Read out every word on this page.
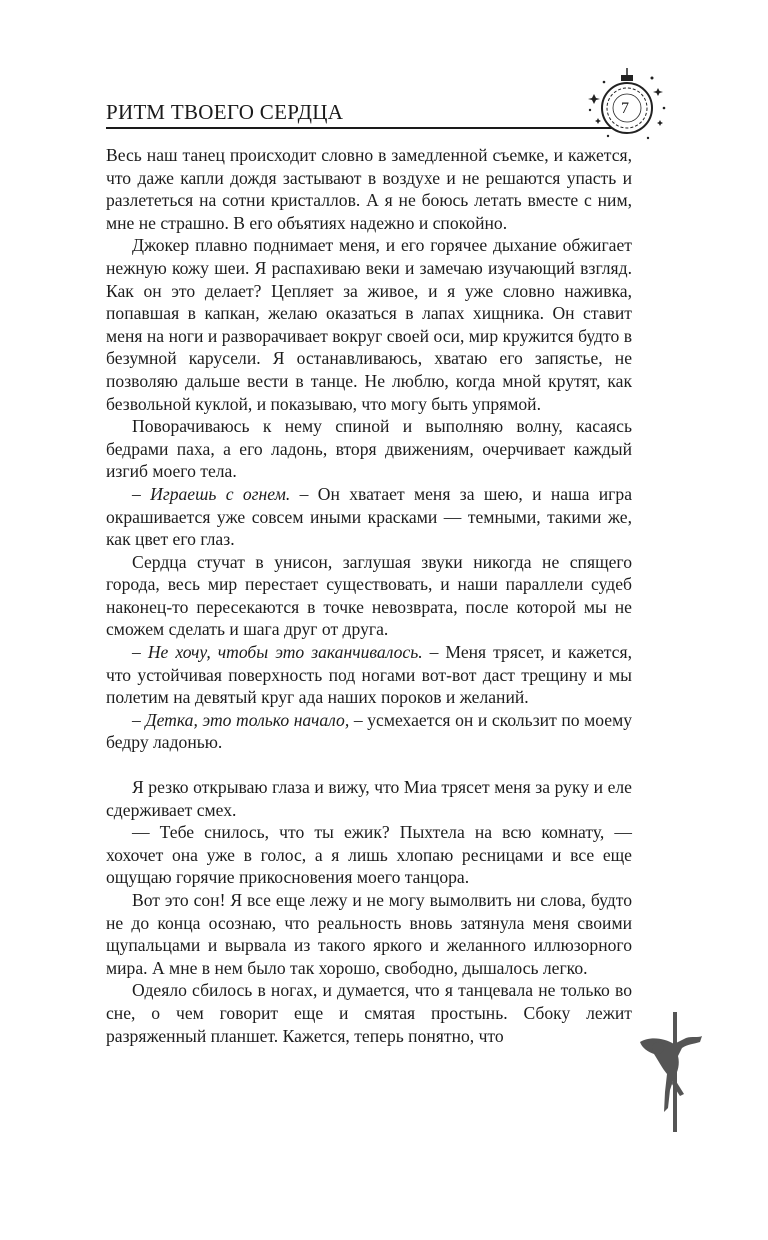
РИТМ ТВОЕГО СЕРДЦА	7

Весь наш танец происходит словно в замедленной съемке, и кажется, что даже капли дождя застывают в воздухе и не решаются упасть и разлететься на сотни кристаллов. А я не боюсь летать вместе с ним, мне не страшно. В его объятиях надежно и спокойно.

Джокер плавно поднимает меня, и его горячее дыхание обжигает нежную кожу шеи. Я распахиваю веки и замечаю изучающий взгляд. Как он это делает? Цепляет за живое, и я уже словно наживка, попавшая в капкан, желаю оказаться в лапах хищника. Он ставит меня на ноги и разворачивает вокруг своей оси, мир кружится будто в безумной карусели. Я останавливаюсь, хватаю его запястье, не позволяю дальше вести в танце. Не люблю, когда мной крутят, как безвольной куклой, и показываю, что могу быть упрямой.

Поворачиваюсь к нему спиной и выполняю волну, касаясь бедрами паха, а его ладонь, вторя движениям, очерчивает каждый изгиб моего тела.

– Играешь с огнем. – Он хватает меня за шею, и наша игра окрашивается уже совсем иными красками — темными, такими же, как цвет его глаз.

Сердца стучат в унисон, заглушая звуки никогда не спящего города, весь мир перестает существовать, и наши параллели судеб наконец-то пересекаются в точке невозврата, после которой мы не сможем сделать и шага друг от друга.

– Не хочу, чтобы это заканчивалось. – Меня трясет, и кажется, что устойчивая поверхность под ногами вот-вот даст трещину и мы полетим на девятый круг ада наших пороков и желаний.

– Детка, это только начало, – усмехается он и скользит по моему бедру ладонью.

Я резко открываю глаза и вижу, что Миа трясет меня за руку и еле сдерживает смех.

— Тебе снилось, что ты ежик? Пыхтела на всю комнату, — хохочет она уже в голос, а я лишь хлопаю ресницами и все еще ощущаю горячие прикосновения моего танцора.

Вот это сон! Я все еще лежу и не могу вымолвить ни слова, будто не до конца осознаю, что реальность вновь затянула меня своими щупальцами и вырвала из такого яркого и желанного иллюзорного мира. А мне в нем было так хорошо, свободно, дышалось легко.

Одеяло сбилось в ногах, и думается, что я танцевала не только во сне, о чем говорит еще и смятая простынь. Сбоку лежит разряженный планшет. Кажется, теперь понятно, что
